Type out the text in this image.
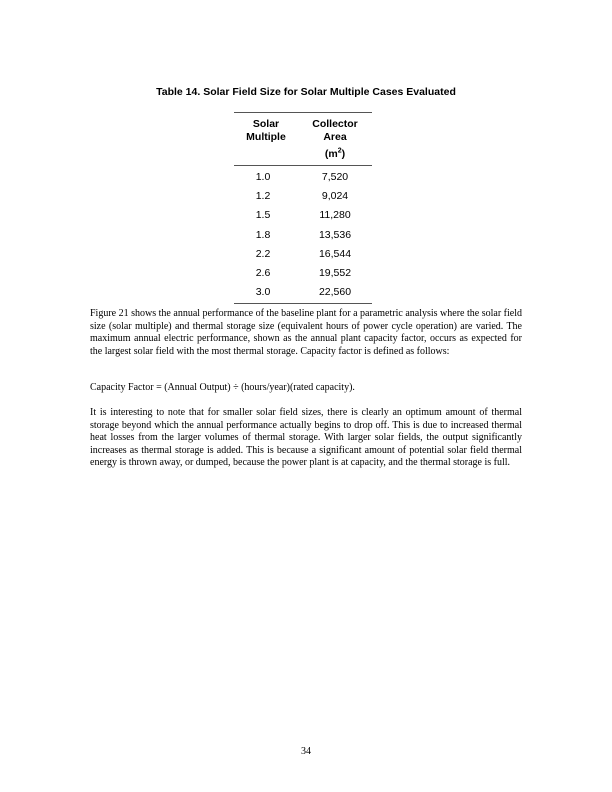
Table 14. Solar Field Size for Solar Multiple Cases Evaluated
Solar
Multiple	Collector
Area
$(m^2)$
1.0	7,520
1.2	9,024
1.5	11,280
1.8	13,536
2.2	16,544
2.6	19,552
3.0	22,560

Figure 21 shows the annual performance of the baseline plant for a parametric analysis where the solar field size (solar multiple) and thermal storage size (equivalent hours of power cycle operation) are varied. The maximum annual electric performance, shown as the annual plant capacity factor, occurs as expected for the largest solar field with the most thermal storage. Capacity factor is defined as follows:

Capacity Factor = (Annual Output) ÷ (hours/year)(rated capacity).

It is interesting to note that for smaller solar field sizes, there is clearly an optimum amount of thermal storage beyond which the annual performance actually begins to drop off. This is due to increased thermal heat losses from the larger volumes of thermal storage. With larger solar fields, the output significantly increases as thermal storage is added. This is because a significant amount of potential solar field thermal energy is thrown away, or dumped, because the power plant is at capacity, and the thermal storage is full.

34
